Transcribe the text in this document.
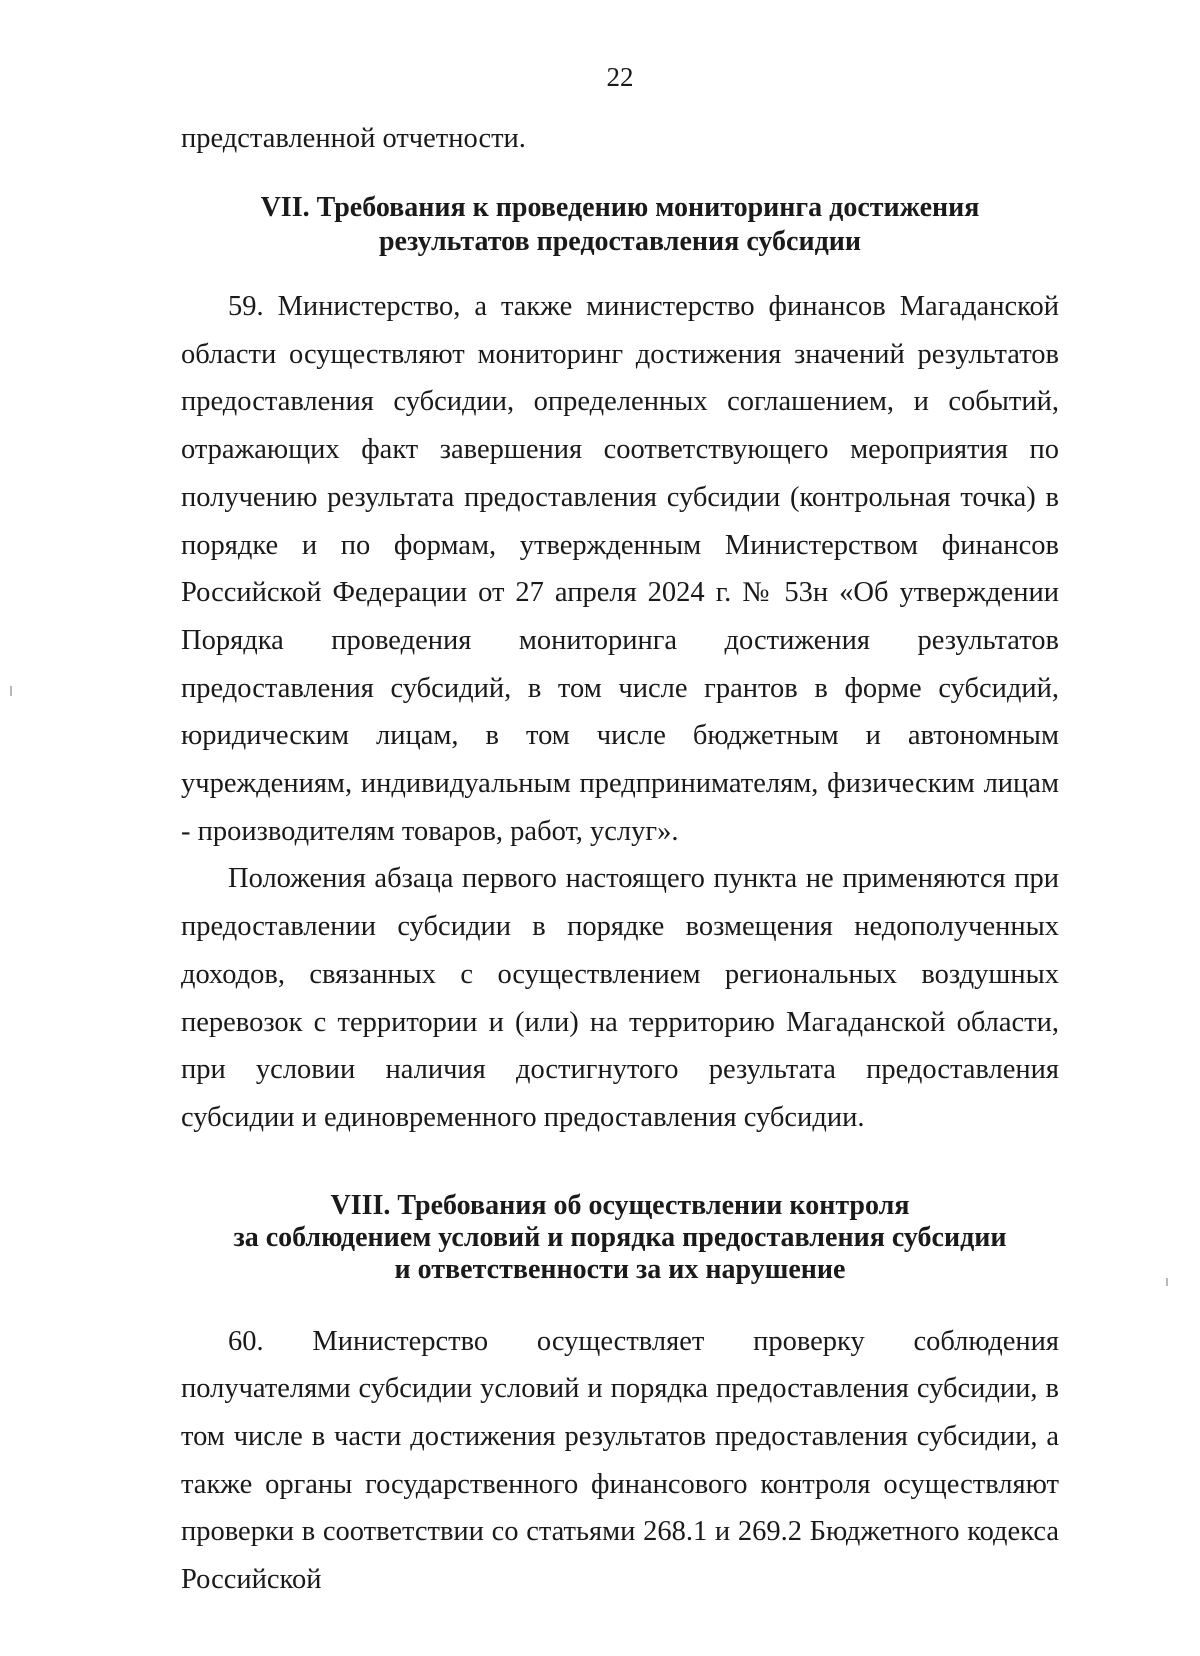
22

представленной отчетности.

VII. Требования к проведению мониторинга достижения
результатов предоставления субсидии

59. Министерство, а также министерство финансов Магаданской области осуществляют мониторинг достижения значений результатов предоставления субсидии, определенных соглашением, и событий, отражающих факт завершения соответствующего мероприятия по получению результата предоставления субсидии (контрольная точка) в порядке и по формам, утвержденным Министерством финансов Российской Федерации от 27 апреля 2024 г. № 53н «Об утверждении Порядка проведения мониторинга достижения результатов предоставления субсидий, в том числе грантов в форме субсидий, юридическим лицам, в том числе бюджетным и автономным учреждениям, индивидуальным предпринимателям, физическим лицам - производителям товаров, работ, услуг».

Положения абзаца первого настоящего пункта не применяются при предоставлении субсидии в порядке возмещения недополученных доходов, связанных с осуществлением региональных воздушных перевозок с территории и (или) на территорию Магаданской области, при условии наличия достигнутого результата предоставления субсидии и единовременного предоставления субсидии.

VIII. Требования об осуществлении контроля
за соблюдением условий и порядка предоставления субсидии
и ответственности за их нарушение

60. Министерство осуществляет проверку соблюдения получателями субсидии условий и порядка предоставления субсидии, в том числе в части достижения результатов предоставления субсидии, а также органы государственного финансового контроля осуществляют проверки в соответствии со статьями 268.1 и 269.2 Бюджетного кодекса Российской
